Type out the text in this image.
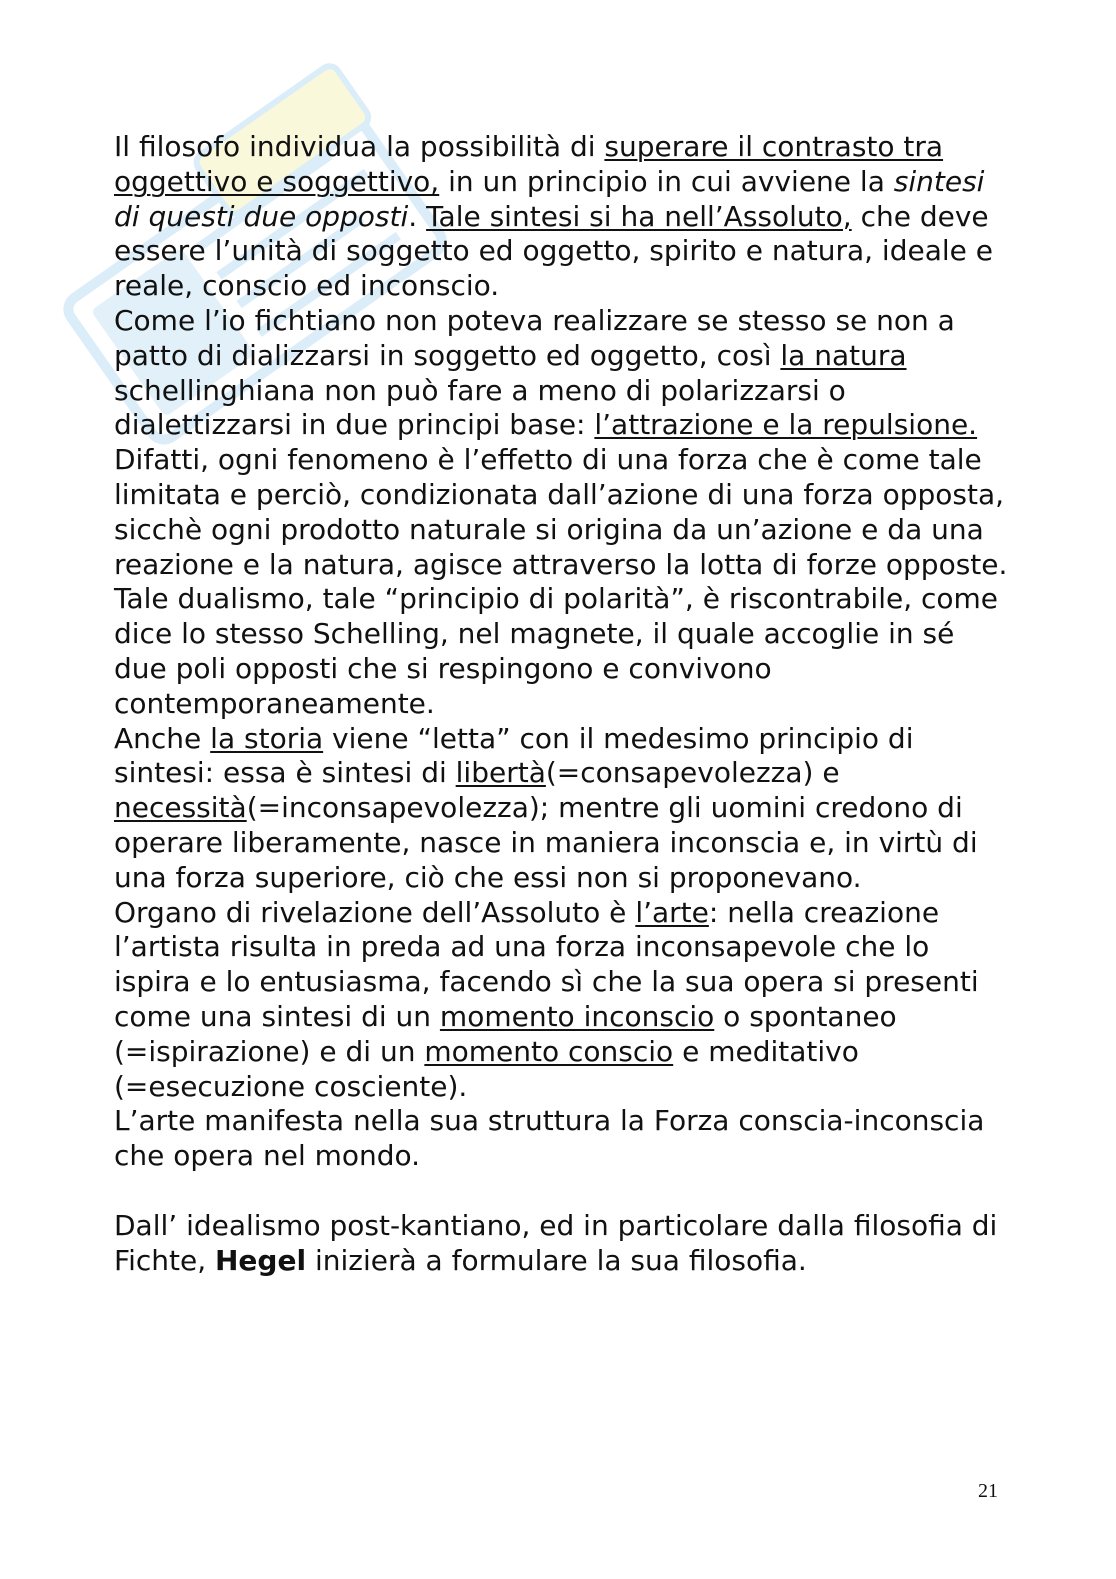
Il filosofo individua la possibilità di superare il contrasto tra oggettivo e soggettivo, in un principio in cui avviene la sintesi di questi due opposti. Tale sintesi si ha nell’Assoluto, che deve essere l’unità di soggetto ed oggetto, spirito e natura, ideale e reale, conscio ed inconscio.

Come l’io fichtiano non poteva realizzare se stesso se non a patto di dializzarsi in soggetto ed oggetto, così la natura schellinghiana non può fare a meno di polarizzarsi o dialettizzarsi in due principi base: l’attrazione e la repulsione. Difatti, ogni fenomeno è l’effetto di una forza che è come tale limitata e perciò, condizionata dall’azione di una forza opposta, sicchè ogni prodotto naturale si origina da un’azione e da una reazione e la natura, agisce attraverso la lotta di forze opposte.

Tale dualismo, tale “principio di polarità”, è riscontrabile, come dice lo stesso Schelling, nel magnete, il quale accoglie in sé due poli opposti che si respingono e convivono contemporaneamente.

Anche la storia viene “letta” con il medesimo principio di sintesi: essa è sintesi di libertà(=consapevolezza) e necessità(=inconsapevolezza); mentre gli uomini credono di operare liberamente, nasce in maniera inconscia e, in virtù di una forza superiore, ciò che essi non si proponevano.

Organo di rivelazione dell’Assoluto è l’arte: nella creazione l’artista risulta in preda ad una forza inconsapevole che lo ispira e lo entusiasma, facendo sì che la sua opera si presenti come una sintesi di un momento inconscio o spontaneo (=ispirazione) e di un momento conscio e meditativo (=esecuzione cosciente).

L’arte manifesta nella sua struttura la Forza conscia-inconscia che opera nel mondo.

Dall’ idealismo post-kantiano, ed in particolare dalla filosofia di Fichte, Hegel inizierà a formulare la sua filosofia.

21
